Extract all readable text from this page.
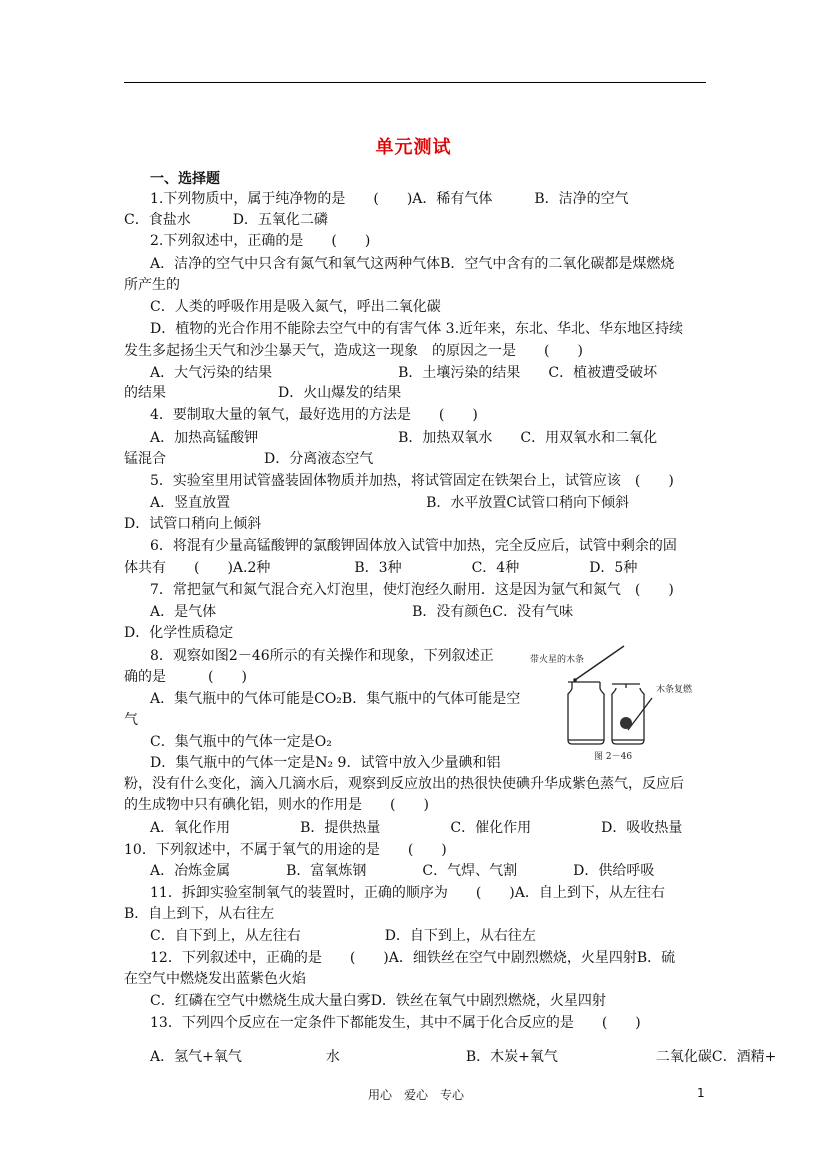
单元测试
一、选择题
1.下列物质中，属于纯净物的是　　(　　)A．稀有气体　　　B．洁净的空气
C．食盐水　　　D．五氧化二磷
2.下列叙述中，正确的是　　(　　)
A．洁净的空气中只含有氮气和氧气这两种气体B．空气中含有的二氧化碳都是煤燃烧
所产生的
C．人类的呼吸作用是吸入氮气，呼出二氧化碳
D．植物的光合作用不能除去空气中的有害气体 3.近年来，东北、华北、华东地区持续
发生多起扬尘天气和沙尘暴天气，造成这一现象　的原因之一是　　(　　)
A．大气污染的结果　　　　　　　　　B．土壤污染的结果　　C．植被遭受破坏
的结果　　　　　　　　D．火山爆发的结果
4．要制取大量的氧气，最好选用的方法是　　(　　)
A．加热高锰酸钾　　　　　　　　　　B．加热双氧水　　C．用双氧水和二氧化
锰混合　　　　　　　D．分离液态空气
5．实验室里用试管盛装固体物质并加热，将试管固定在铁架台上，试管应该　(　　)
A．竖直放置　　　　　　　　　　　　　　B．水平放置C试管口稍向下倾斜
D．试管口稍向上倾斜
6．将混有少量高锰酸钾的氯酸钾固体放入试管中加热，完全反应后，试管中剩余的固
体共有　　(　　)A.2种　　　　　　B．3种　　　　　C．4种　　　　　D．5种
7．常把氩气和氮气混合充入灯泡里，使灯泡经久耐用．这是因为氩气和氮气　(　　)
A．是气体　　　　　　　　　　　　　　B．没有颜色C．没有气味
D．化学性质稳定
8．观察如图2－46所示的有关操作和现象，下列叙述正
确的是　　　(　　)
A．集气瓶中的气体可能是CO₂B．集气瓶中的气体可能是空
气
C．集气瓶中的气体一定是O₂
D．集气瓶中的气体一定是N₂ 9．试管中放入少量碘和铝
粉，没有什么变化，滴入几滴水后，观察到反应放出的热很快使碘升华成紫色蒸气，反应后
的生成物中只有碘化铝，则水的作用是　　(　　)
A．氧化作用　　　　　B．提供热量　　　　　C．催化作用　　　　　D．吸收热量
10．下列叙述中，不属于氧气的用途的是　　(　　)
A．冶炼金属　　　　B．富氧炼钢　　　　C．气焊、气割　　　　D．供给呼吸
11．拆卸实验室制氧气的装置时，正确的顺序为　　(　　)A．自上到下，从左往右
B．自上到下，从右往左
C．自下到上，从左往右　　　　　　D．自下到上，从右往左
12．下列叙述中，正确的是　　(　　)A．细铁丝在空气中剧烈燃烧，火星四射B．硫
在空气中燃烧发出蓝紫色火焰
C．红磷在空气中燃烧生成大量白雾D．铁丝在氧气中剧烈燃烧，火星四射
13．下列四个反应在一定条件下都能发生，其中不属于化合反应的是　　(　　)
A．氢气+氧气　　　　　　水　　　　　　　　　B．木炭+氧气　　　　　　　二氧化碳C．酒精+
带火星的木条
木条复燃
图 2－46
用心　爱心　专心	1
